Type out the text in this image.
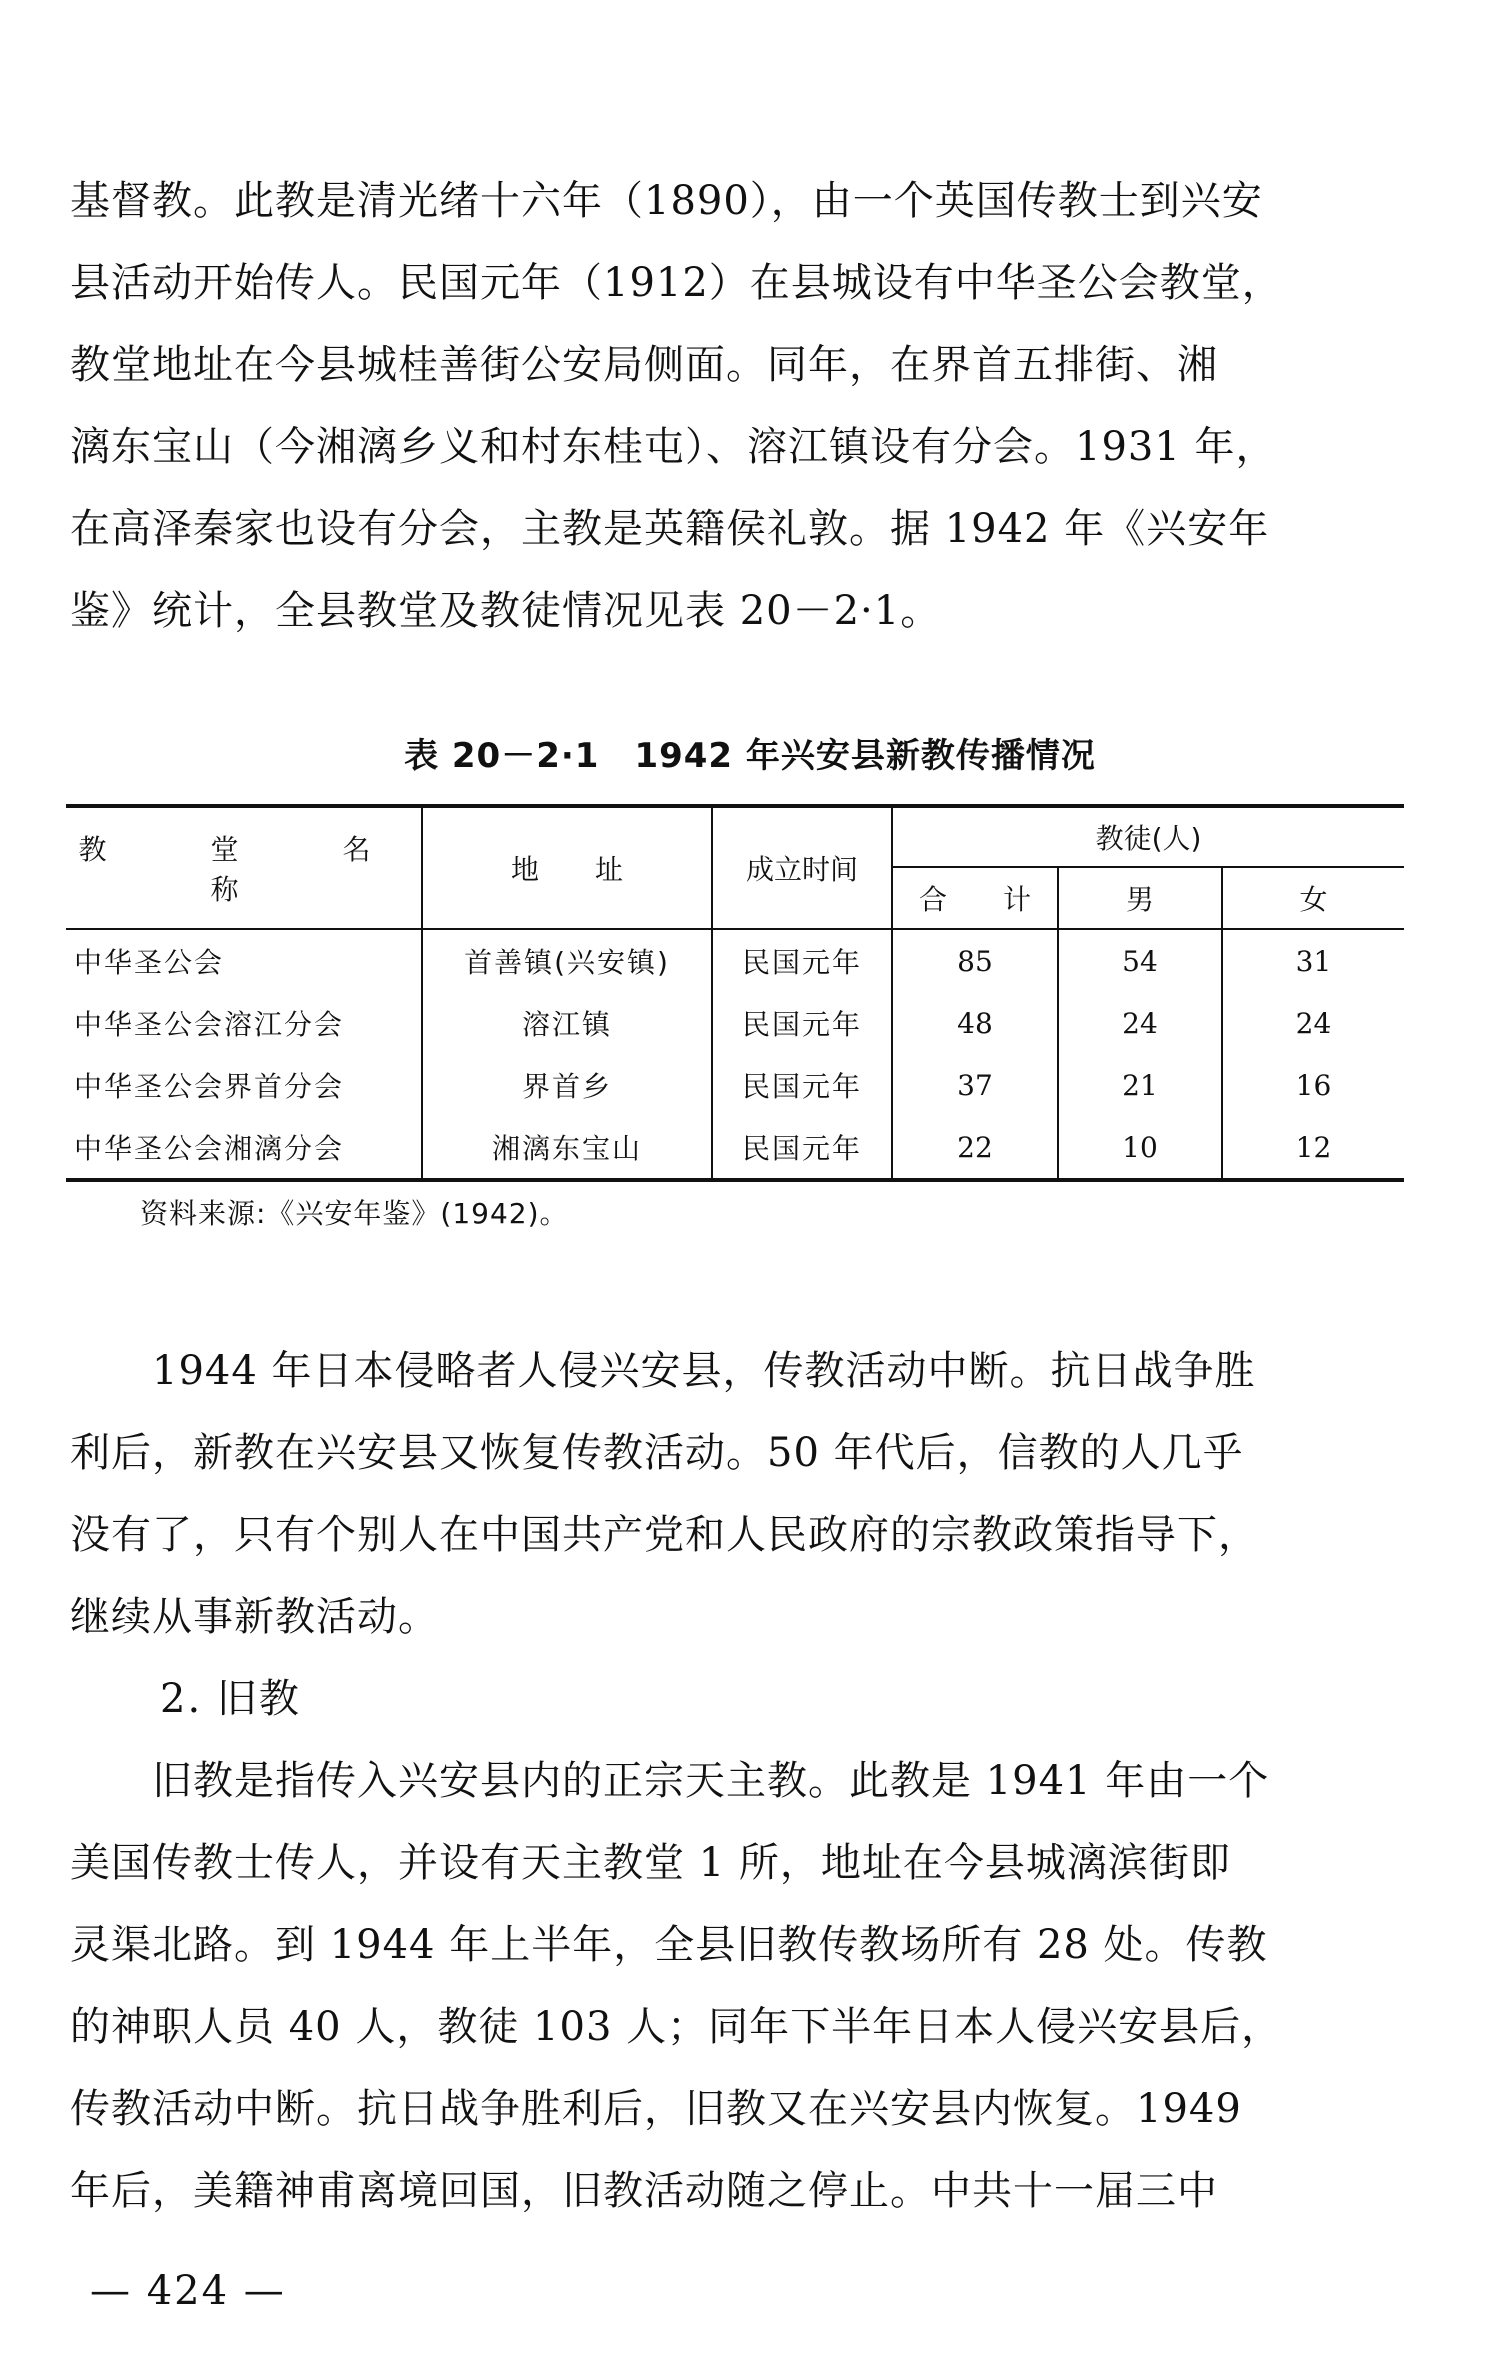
基督教。此教是清光绪十六年（1890），由一个英国传教士到兴安
县活动开始传人。民国元年（1912）在县城设有中华圣公会教堂，
教堂地址在今县城桂善街公安局侧面。同年，在界首五排街、湘
漓东宝山（今湘漓乡义和村东桂屯）、溶江镇设有分会。1931 年，
在高泽秦家也设有分会，主教是英籍侯礼敦。据 1942 年《兴安年
鉴》统计，全县教堂及教徒情况见表 20－2·1。

表 20－2·1　1942 年兴安县新教传播情况

教　堂　名　称	地　　址	成立时间	教徒(人)		

			合 计	男	女
中华圣公会	首善镇(兴安镇)	民国元年	85	54	31
中华圣公会溶江分会	溶江镇	民国元年	48	24	24
中华圣公会界首分会	界首乡	民国元年	37	21	16
中华圣公会湘漓分会	湘漓东宝山	民国元年	22	10	12

资料来源:《兴安年鉴》(1942)。

　　1944 年日本侵略者人侵兴安县，传教活动中断。抗日战争胜
利后，新教在兴安县又恢复传教活动。50 年代后，信教的人几乎
没有了，只有个别人在中国共产党和人民政府的宗教政策指导下，
继续从事新教活动。

2. 旧教

　　旧教是指传入兴安县内的正宗天主教。此教是 1941 年由一个
美国传教士传人，并设有天主教堂 1 所，地址在今县城漓滨街即
灵渠北路。到 1944 年上半年，全县旧教传教场所有 28 处。传教
的神职人员 40 人，教徒 103 人；同年下半年日本人侵兴安县后，
传教活动中断。抗日战争胜利后，旧教又在兴安县内恢复。1949
年后，美籍神甫离境回国，旧教活动随之停止。中共十一届三中

— 424 —
